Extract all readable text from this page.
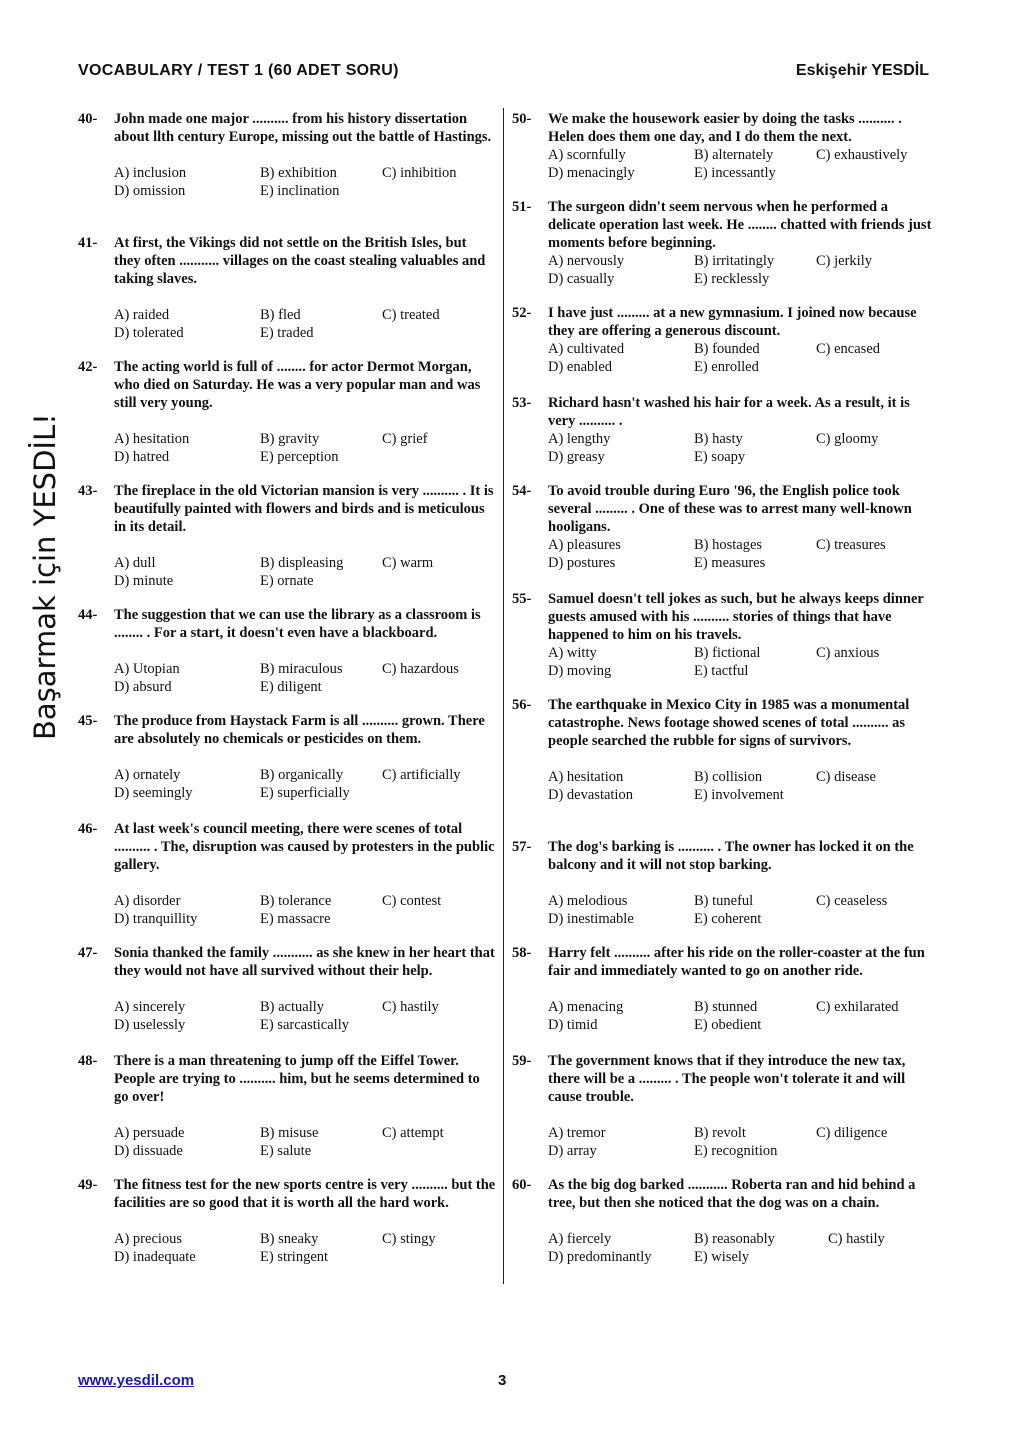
VOCABULARY / TEST 1 (60 ADET SORU)	Eskişehir YESDİL
Başarmak için YESDİL!
40- John made one major .......... from his history dissertation about llth century Europe, missing out the battle of Hastings.
A) inclusion	B) exhibition	C) inhibition
D) omission	E) inclination
41- At first, the Vikings did not settle on the British Isles, but they often ........... villages on the coast stealing valuables and taking slaves.
A) raided	B) fled	C) treated
D) tolerated	E) traded
42- The acting world is full of ........ for actor Dermot Morgan, who died on Saturday. He was a very popular man and was still very young.
A) hesitation	B) gravity	C) grief
D) hatred	E) perception
43- The fireplace in the old Victorian mansion is very .......... . It is beautifully painted with flowers and birds and is meticulous in its detail.
A) dull	B) displeasing	C) warm
D) minute	E) ornate
44- The suggestion that we can use the library as a classroom is ........ . For a start, it doesn't even have a blackboard.
A) Utopian	B) miraculous	C) hazardous
D) absurd	E) diligent
45- The produce from Haystack Farm is all .......... grown. There are absolutely no chemicals or pesticides on them.
A) ornately	B) organically	C) artificially
D) seemingly	E) superficially
46- At last week's council meeting, there were scenes of total .......... . The, disruption was caused by protesters in the public gallery.
A) disorder	B) tolerance	C) contest
D) tranquillity	E) massacre
47- Sonia thanked the family ........... as she knew in her heart that they would not have all survived without their help.
A) sincerely	B) actually	C) hastily
D) uselessly	E) sarcastically
48- There is a man threatening to jump off the Eiffel Tower. People are trying to .......... him, but he seems determined to go over!
A) persuade	B) misuse	C) attempt
D) dissuade	E) salute
49- The fitness test for the new sports centre is very .......... but the facilities are so good that it is worth all the hard work.
A) precious	B) sneaky	C) stingy
D) inadequate	E) stringent
50- We make the housework easier by doing the tasks .......... . Helen does them one day, and I do them the next.
A) scornfully	B) alternately	C) exhaustively
D) menacingly	E) incessantly
51- The surgeon didn't seem nervous when he performed a delicate operation last week. He ........ chatted with friends just moments before beginning.
A) nervously	B) irritatingly	C) jerkily
D) casually	E) recklessly
52- I have just ......... at a new gymnasium. I joined now because they are offering a generous discount.
A) cultivated	B) founded	C) encased
D) enabled	E) enrolled
53- Richard hasn't washed his hair for a week. As a result, it is very .......... .
A) lengthy	B) hasty	C) gloomy
D) greasy	E) soapy
54- To avoid trouble during Euro '96, the English police took several ......... . One of these was to arrest many well-known hooligans.
A) pleasures	B) hostages	C) treasures
D) postures	E) measures
55- Samuel doesn't tell jokes as such, but he always keeps dinner guests amused with his .......... stories of things that have happened to him on his travels.
A) witty	B) fictional	C) anxious
D) moving	E) tactful
56- The earthquake in Mexico City in 1985 was a monumental catastrophe. News footage showed scenes of total .......... as people searched the rubble for signs of survivors.
A) hesitation	B) collision	C) disease
D) devastation	E) involvement
57- The dog's barking is .......... . The owner has locked it on the balcony and it will not stop barking.
A) melodious	B) tuneful	C) ceaseless
D) inestimable	E) coherent
58- Harry felt .......... after his ride on the roller-coaster at the fun fair and immediately wanted to go on another ride.
A) menacing	B) stunned	C) exhilarated
D) timid	E) obedient
59- The government knows that if they introduce the new tax, there will be a ......... . The people won't tolerate it and will cause trouble.
A) tremor	B) revolt	C) diligence
D) array	E) recognition
60- As the big dog barked ........... Roberta ran and hid behind a tree, but then she noticed that the dog was on a chain.
A) fiercely	B) reasonably	C) hastily
D) predominantly	E) wisely
www.yesdil.com	3
